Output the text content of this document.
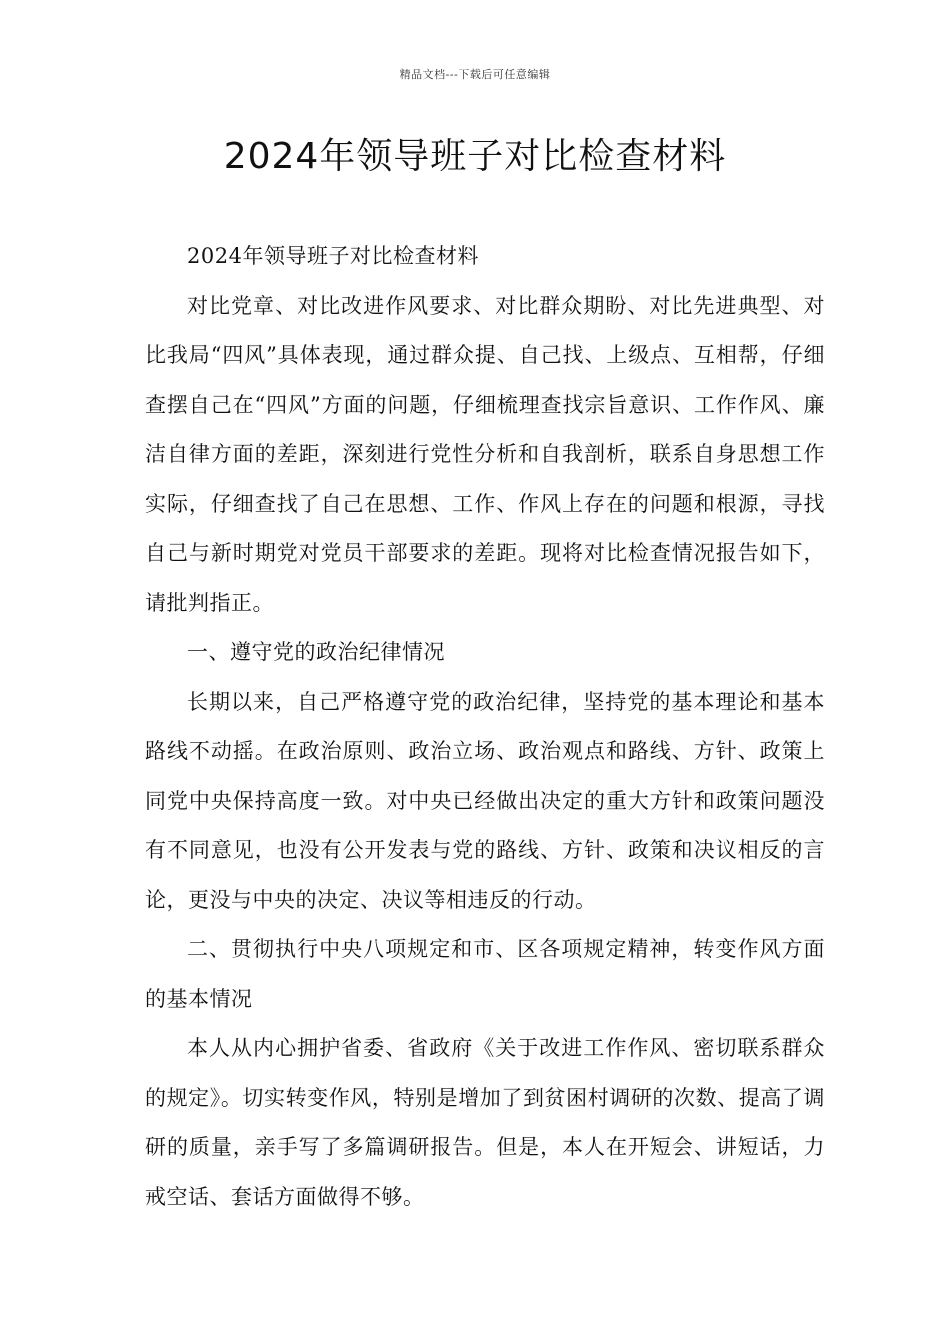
精品文档---下载后可任意编辑
2024年领导班子对比检查材料

2024年领导班子对比检查材料

对比党章、对比改进作风要求、对比群众期盼、对比先进典型、对比我局“四风”具体表现，通过群众提、自己找、上级点、互相帮，仔细查摆自己在“四风”方面的问题，仔细梳理查找宗旨意识、工作作风、廉洁自律方面的差距，深刻进行党性分析和自我剖析，联系自身思想工作实际，仔细查找了自己在思想、工作、作风上存在的问题和根源，寻找自己与新时期党对党员干部要求的差距。现将对比检查情况报告如下，请批判指正。

一、遵守党的政治纪律情况

长期以来，自己严格遵守党的政治纪律，坚持党的基本理论和基本路线不动摇。在政治原则、政治立场、政治观点和路线、方针、政策上同党中央保持高度一致。对中央已经做出决定的重大方针和政策问题没有不同意见，也没有公开发表与党的路线、方针、政策和决议相反的言论，更没与中央的决定、决议等相违反的行动。

二、贯彻执行中央八项规定和市、区各项规定精神，转变作风方面的基本情况

本人从内心拥护省委、省政府《关于改进工作作风、密切联系群众的规定》。切实转变作风，特别是增加了到贫困村调研的次数、提高了调研的质量，亲手写了多篇调研报告。但是，本人在开短会、讲短话，力戒空话、套话方面做得不够。
